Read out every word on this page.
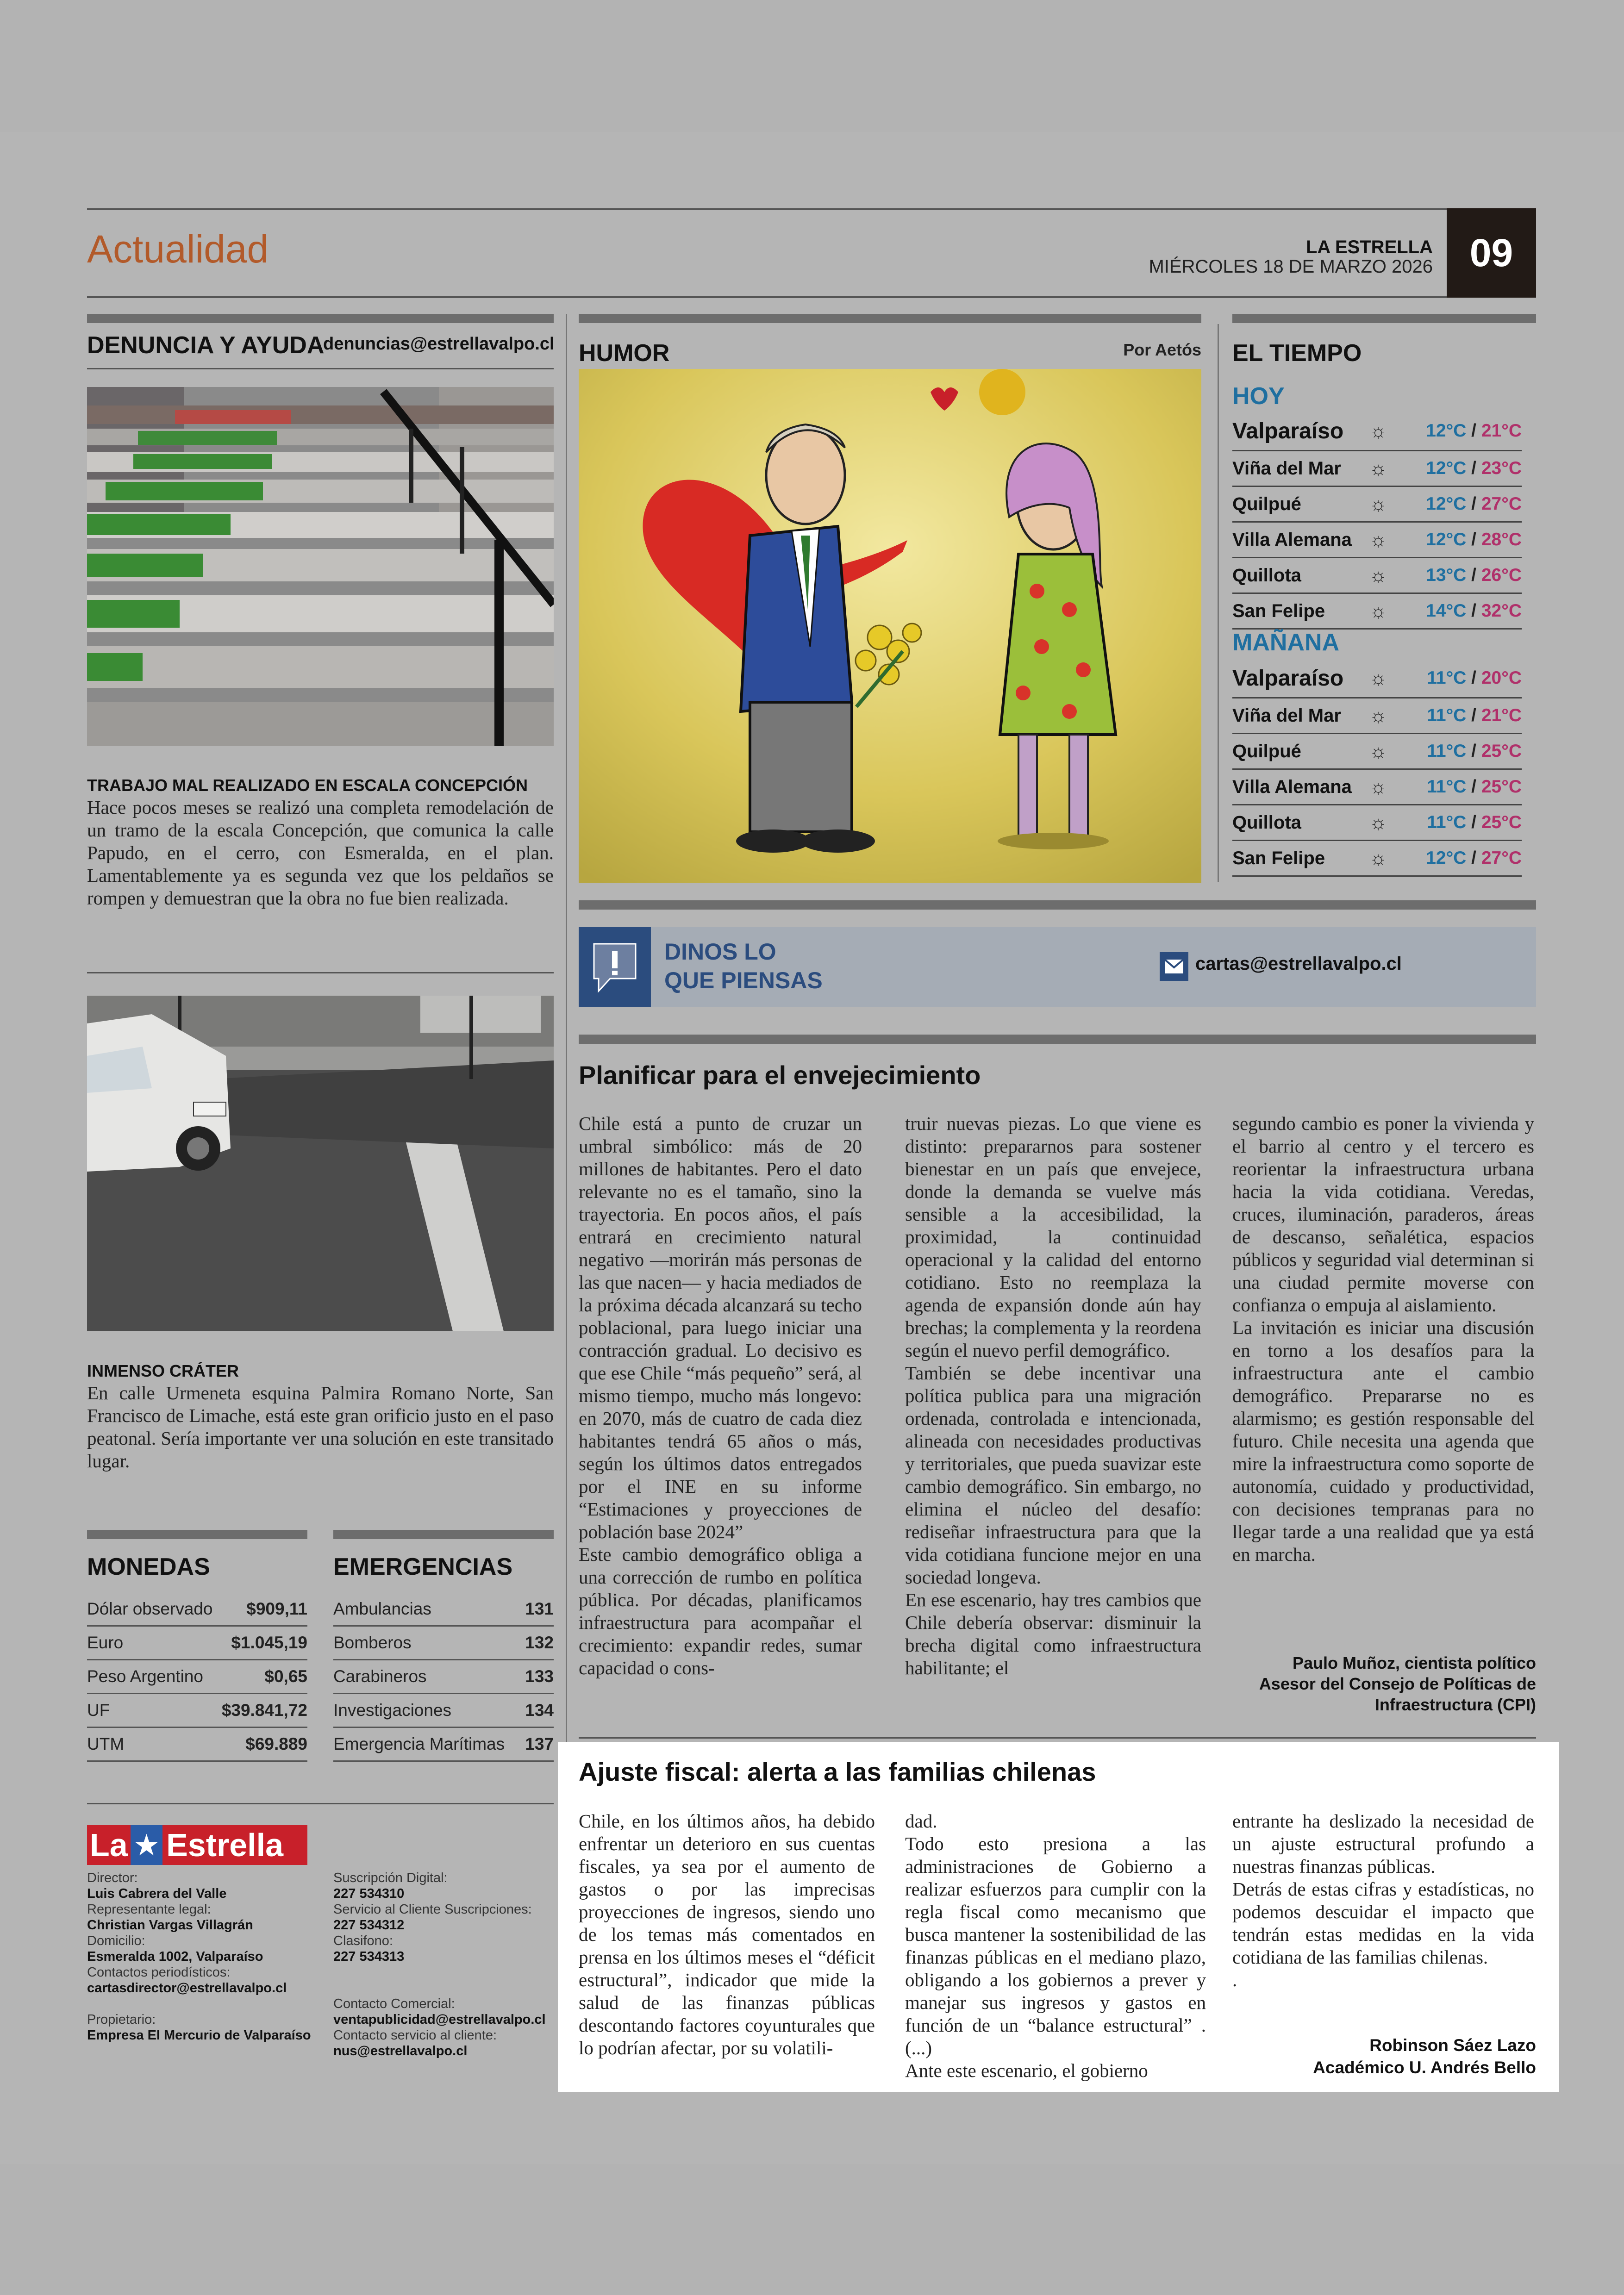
Actualidad	LA ESTRELLA
MIÉRCOLES 18 DE MARZO 2026 09
DENUNCIA Y AYUDA
denuncias@estrellavalpo.cl
TRABAJO MAL REALIZADO EN ESCALA CONCEPCIÓN
Hace pocos meses se realizó una completa remodelación de un tramo de la escala Concepción, que comunica la calle Papudo, en el cerro, con Esmeralda, en el plan. Lamentablemente ya es segunda vez que los peldaños se rompen y demuestran que la obra no fue bien realizada.
INMENSO CRÁTER
En calle Urmeneta esquina Palmira Romano Norte, San Francisco de Limache, está este gran orificio justo en el paso peatonal. Sería importante ver una solución en este transitado lugar.
MONEDAS
Dólar observado $909,11
Euro	$1.045,19
Peso Argentino	$0,65
UF	$39.841,72
UTM	$69.889
EMERGENCIAS
Ambulancias	131
Bomberos	132
Carabineros	133
Investigaciones	134
Emergencia Marítimas 137
La ★ Estrella
Director:
Luis Cabrera del Valle
Representante legal:
Christian Vargas Villagrán
Domicilio:
Esmeralda 1002, Valparaíso
Contactos periodísticos:
cartasdirector@estrellavalpo.cl
Propietario:
Empresa El Mercurio de Valparaíso
Suscripción Digital:
227 534310
Servicio al Cliente Suscripciones:
227 534312
Clasifono:
227 534313
Contacto Comercial:
ventapublicidad@estrellavalpo.cl
Contacto servicio al cliente:
nus@estrellavalpo.cl
HUMOR	Por Aetós EL TIEMPO
HOY
Valparaíso	☼	12°C / 21°C
Viña del Mar	☼	12°C / 23°C
Quilpué	☼	12°C / 27°C
Villa Alemana ☼	12°C / 28°C
Quillota	☼	13°C / 26°C
San Felipe	☼	14°C / 32°C
MAÑANA
Valparaíso	☼	11°C / 20°C
Viña del Mar	☼	11°C / 21°C
Quilpué	☼	11°C / 25°C
Villa Alemana ☼	11°C / 25°C
Quillota	☼	11°C / 25°C
San Felipe	☼	12°C / 27°C
DINOS LO
QUE PIENSAS
cartas@estrellavalpo.cl
Planificar para el envejecimiento
Chile está a punto de cruzar un umbral simbólico: más de 20 millones de habitantes. Pero el dato relevante no es el tamaño, sino la trayectoria. En pocos años, el país entrará en crecimiento natural negativo —morirán más personas de las que nacen— y hacia mediados de la próxima década alcanzará su techo poblacional, para luego iniciar una contracción gradual. Lo decisivo es que ese Chile “más pequeño” será, al mismo tiempo, mucho más longevo: en 2070, más de cuatro de cada diez habitantes tendrá 65 años o más, según los últimos datos entregados por el INE en su informe “Estimaciones y proyecciones de población base 2024”
Este cambio demográfico obliga a una corrección de rumbo en política pública. Por décadas, planificamos infraestructura para acompañar el crecimiento: expandir redes, sumar capacidad o cons-
truir nuevas piezas. Lo que viene es distinto: prepararnos para sostener bienestar en un país que envejece, donde la demanda se vuelve más sensible a la accesibilidad, la proximidad, la continuidad operacional y la calidad del entorno cotidiano. Esto no reemplaza la agenda de expansión donde aún hay brechas; la complementa y la reordena según el nuevo perfil demográfico.
También se debe incentivar una política publica para una migración ordenada, controlada e intencionada, alineada con necesidades productivas y territoriales, que pueda suavizar este cambio demográfico. Sin embargo, no elimina el núcleo del desafío: rediseñar infraestructura para que la vida cotidiana funcione mejor en una sociedad longeva.
En ese escenario, hay tres cambios que Chile debería observar: disminuir la brecha digital como infraestructura habilitante; el
segundo cambio es poner la vivienda y el barrio al centro y el tercero es reorientar la infraestructura urbana hacia la vida cotidiana. Veredas, cruces, iluminación, paraderos, áreas de descanso, señalética, espacios públicos y seguridad vial determinan si una ciudad permite moverse con confianza o empuja al aislamiento.
La invitación es iniciar una discusión en torno a los desafíos para la infraestructura ante el cambio demográfico. Prepararse no es alarmismo; es gestión responsable del futuro. Chile necesita una agenda que mire la infraestructura como soporte de autonomía, cuidado y productividad, con decisiones tempranas para no llegar tarde a una realidad que ya está en marcha.
Paulo Muñoz, cientista político
Asesor del Consejo de Políticas de
Infraestructura (CPI)
Ajuste fiscal: alerta a las familias chilenas
Chile, en los últimos años, ha debido enfrentar un deterioro en sus cuentas fiscales, ya sea por el aumento de gastos o por las imprecisas proyecciones de ingresos, siendo uno de los temas más comentados en prensa en los últimos meses el “déficit estructural”, indicador que mide la salud de las finanzas públicas descontando factores coyunturales que lo podrían afectar, por su volatili-
dad.
Todo esto presiona a las administraciones de Gobierno a realizar esfuerzos para cumplir con la regla fiscal como mecanismo que busca mantener la sostenibilidad de las finanzas públicas en el mediano plazo, obligando a los gobiernos a prever y manejar sus ingresos y gastos en función de un “balance estructural” . (...)
Ante este escenario, el gobierno
entrante ha deslizado la necesidad de un ajuste estructural profundo a nuestras finanzas públicas.
Detrás de estas cifras y estadísticas, no podemos descuidar el impacto que tendrán estas medidas en la vida cotidiana de las familias chilenas.
.
Robinson Sáez Lazo
Académico U. Andrés Bello
